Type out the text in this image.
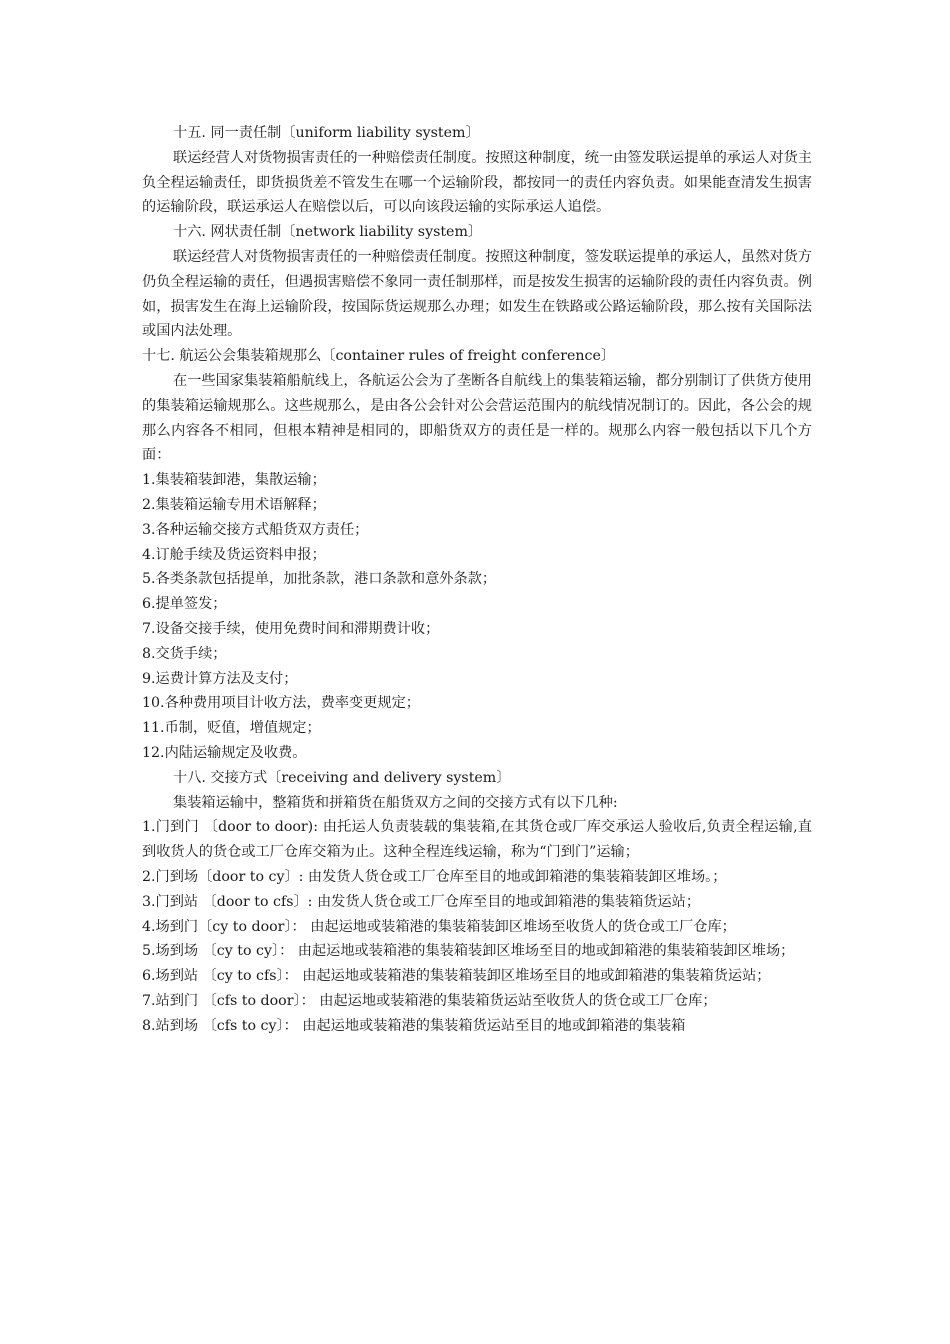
十五. 同一责任制〔uniform liability system〕
联运经营人对货物损害责任的一种赔偿责任制度。按照这种制度，统一由签发联运提单的承运人对货主负全程运输责任，即货损货差不管发生在哪一个运输阶段，都按同一的责任内容负责。如果能查清发生损害的运输阶段，联运承运人在赔偿以后，可以向该段运输的实际承运人追偿。
十六. 网状责任制〔network liability system〕
联运经营人对货物损害责任的一种赔偿责任制度。按照这种制度，签发联运提单的承运人，虽然对货方仍负全程运输的责任，但遇损害赔偿不象同一责任制那样，而是按发生损害的运输阶段的责任内容负责。例如，损害发生在海上运输阶段，按国际货运规那么办理；如发生在铁路或公路运输阶段，那么按有关国际法或国内法处理。
十七. 航运公会集装箱规那么〔container rules of freight conference〕
在一些国家集装箱船航线上，各航运公会为了垄断各自航线上的集装箱运输，都分别制订了供货方使用的集装箱运输规那么。这些规那么，是由各公会针对公会营运范围内的航线情况制订的。因此，各公会的规那么内容各不相同，但根本精神是相同的，即船货双方的责任是一样的。规那么内容一般包括以下几个方面：
1.集装箱装卸港，集散运输；
2.集装箱运输专用术语解释；
3.各种运输交接方式船货双方责任；
4.订舱手续及货运资料申报；
5.各类条款包括提单，加批条款，港口条款和意外条款；
6.提单签发；
7.设备交接手续，使用免费时间和滞期费计收；
8.交货手续；
9.运费计算方法及支付；
10.各种费用项目计收方法，费率变更规定；
11.币制，贬值，增值规定；
12.内陆运输规定及收费。
十八. 交接方式〔receiving and delivery system〕
集装箱运输中，整箱货和拼箱货在船货双方之间的交接方式有以下几种:
1.门到门 〔door to door): 由托运人负责装载的集装箱,在其货仓或厂库交承运人验收后,负责全程运输,直到收货人的货仓或工厂仓库交箱为止。这种全程连线运输，称为“门到门”运输；
2.门到场〔door to cy〕: 由发货人货仓或工厂仓库至目的地或卸箱港的集装箱装卸区堆场。；
3.门到站 〔door to cfs〕: 由发货人货仓或工厂仓库至目的地或卸箱港的集装箱货运站；
4.场到门〔cy to door〕： 由起运地或装箱港的集装箱装卸区堆场至收货人的货仓或工厂仓库；
5.场到场 〔cy to cy〕： 由起运地或装箱港的集装箱装卸区堆场至目的地或卸箱港的集装箱装卸区堆场；
6.场到站 〔cy to cfs〕： 由起运地或装箱港的集装箱装卸区堆场至目的地或卸箱港的集装箱货运站；
7.站到门 〔cfs to door〕： 由起运地或装箱港的集装箱货运站至收货人的货仓或工厂仓库；
8.站到场 〔cfs to cy〕： 由起运地或装箱港的集装箱货运站至目的地或卸箱港的集装箱
